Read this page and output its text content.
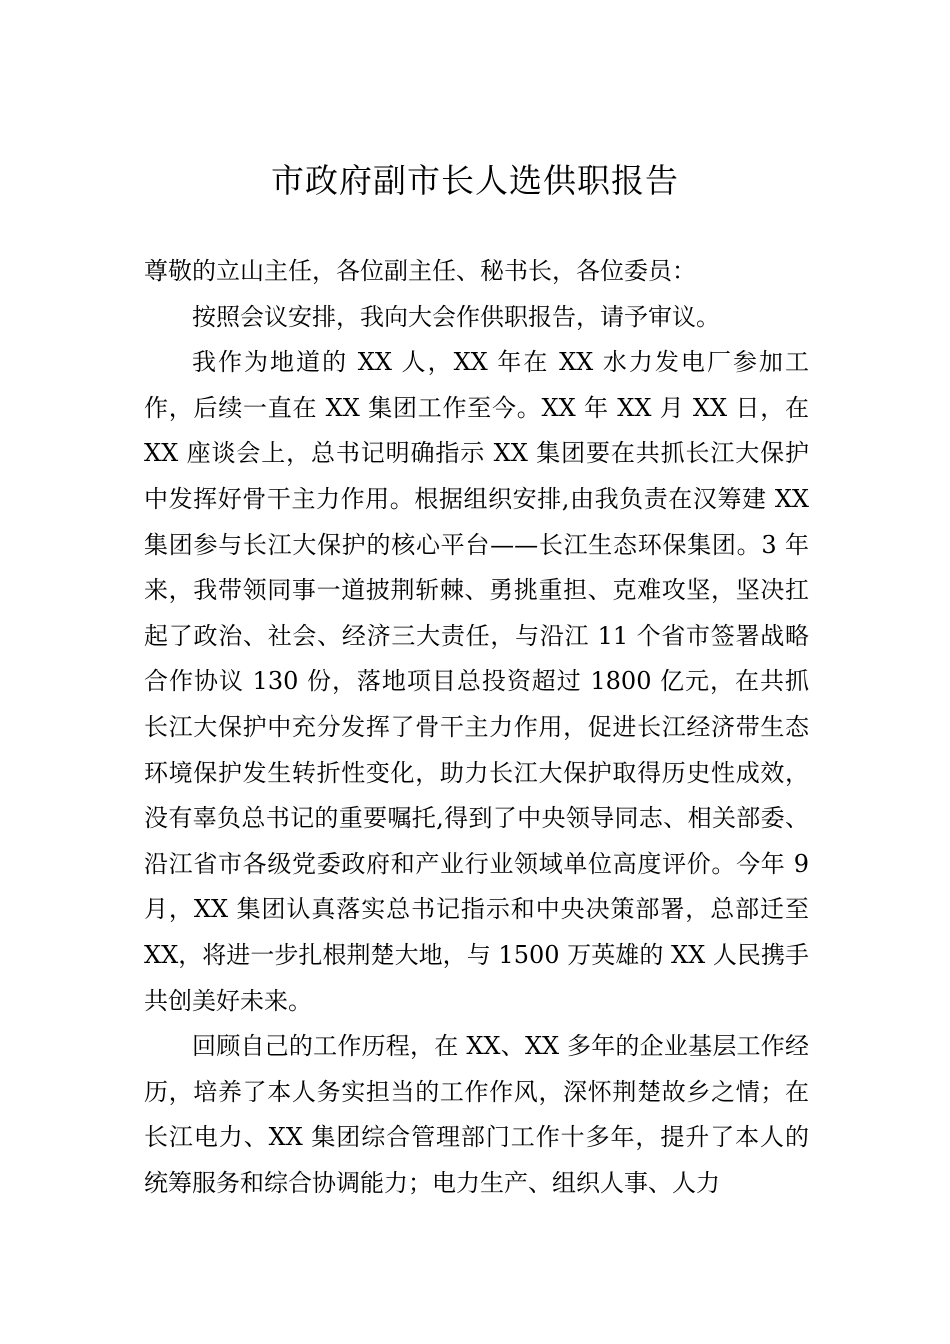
市政府副市长人选供职报告

尊敬的立山主任，各位副主任、秘书长，各位委员：

按照会议安排，我向大会作供职报告，请予审议。

我作为地道的 XX 人，XX 年在 XX 水力发电厂参加工作，后续一直在 XX 集团工作至今。XX 年 XX 月 XX 日，在 XX 座谈会上，总书记明确指示 XX 集团要在共抓长江大保护中发挥好骨干主力作用。根据组织安排,由我负责在汉筹建 XX 集团参与长江大保护的核心平台——长江生态环保集团。3 年来，我带领同事一道披荆斩棘、勇挑重担、克难攻坚，坚决扛起了政治、社会、经济三大责任，与沿江 11 个省市签署战略合作协议 130 份，落地项目总投资超过 1800 亿元，在共抓长江大保护中充分发挥了骨干主力作用，促进长江经济带生态环境保护发生转折性变化，助力长江大保护取得历史性成效，没有辜负总书记的重要嘱托,得到了中央领导同志、相关部委、沿江省市各级党委政府和产业行业领域单位高度评价。今年 9 月，XX 集团认真落实总书记指示和中央决策部署，总部迁至 XX，将进一步扎根荆楚大地，与 1500 万英雄的 XX 人民携手共创美好未来。

回顾自己的工作历程，在 XX、XX 多年的企业基层工作经历，培养了本人务实担当的工作作风，深怀荆楚故乡之情；在长江电力、XX 集团综合管理部门工作十多年，提升了本人的统筹服务和综合协调能力；电力生产、组织人事、人力
